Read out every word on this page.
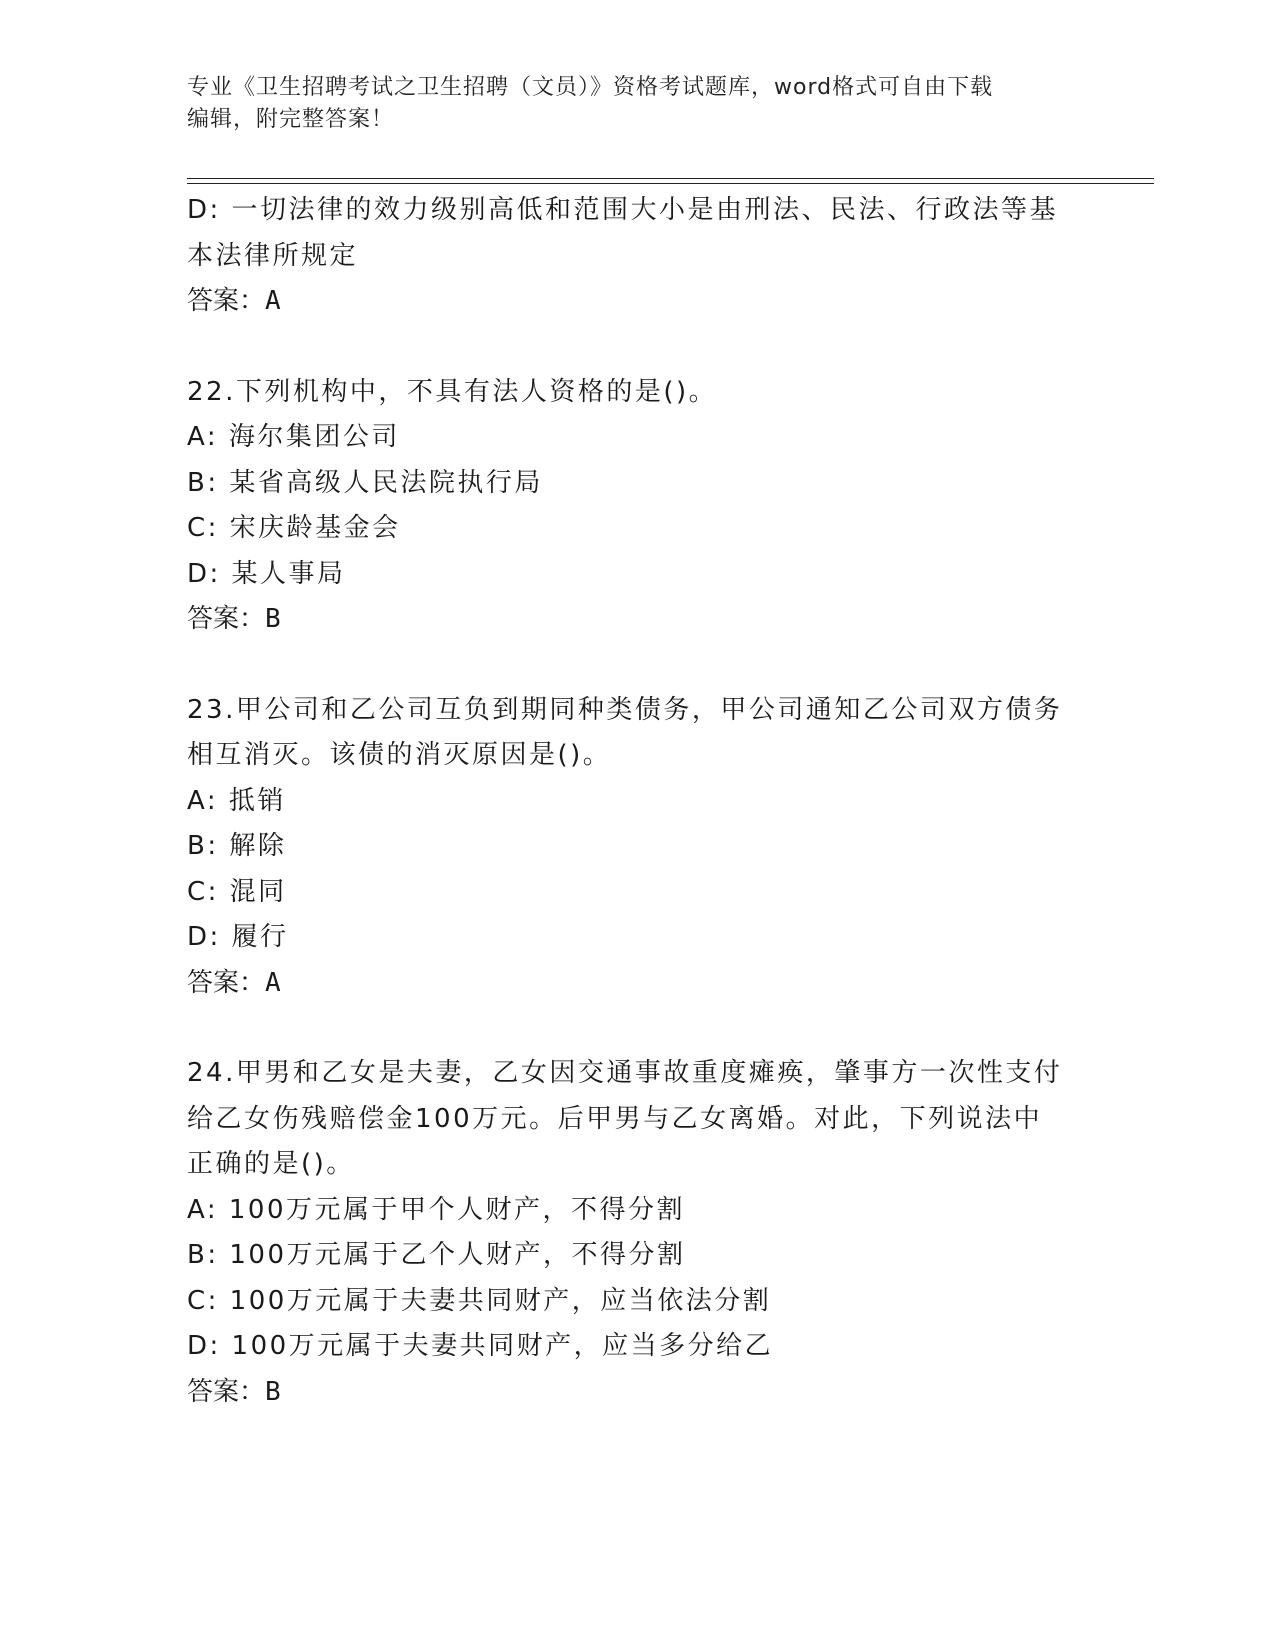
专业《卫生招聘考试之卫生招聘（文员）》资格考试题库，word格式可自由下载
编辑，附完整答案！
D: 一切法律的效力级别高低和范围大小是由刑法、民法、行政法等基
本法律所规定
答案：A
22.下列机构中，不具有法人资格的是()。
A: 海尔集团公司
B: 某省高级人民法院执行局
C: 宋庆龄基金会
D: 某人事局
答案：B
23.甲公司和乙公司互负到期同种类债务，甲公司通知乙公司双方债务
相互消灭。该债的消灭原因是()。
A: 抵销
B: 解除
C: 混同
D: 履行
答案：A
24.甲男和乙女是夫妻，乙女因交通事故重度瘫痪，肇事方一次性支付
给乙女伤残赔偿金100万元。后甲男与乙女离婚。对此，下列说法中
正确的是()。
A: 100万元属于甲个人财产，不得分割
B: 100万元属于乙个人财产，不得分割
C: 100万元属于夫妻共同财产，应当依法分割
D: 100万元属于夫妻共同财产，应当多分给乙
答案：B
